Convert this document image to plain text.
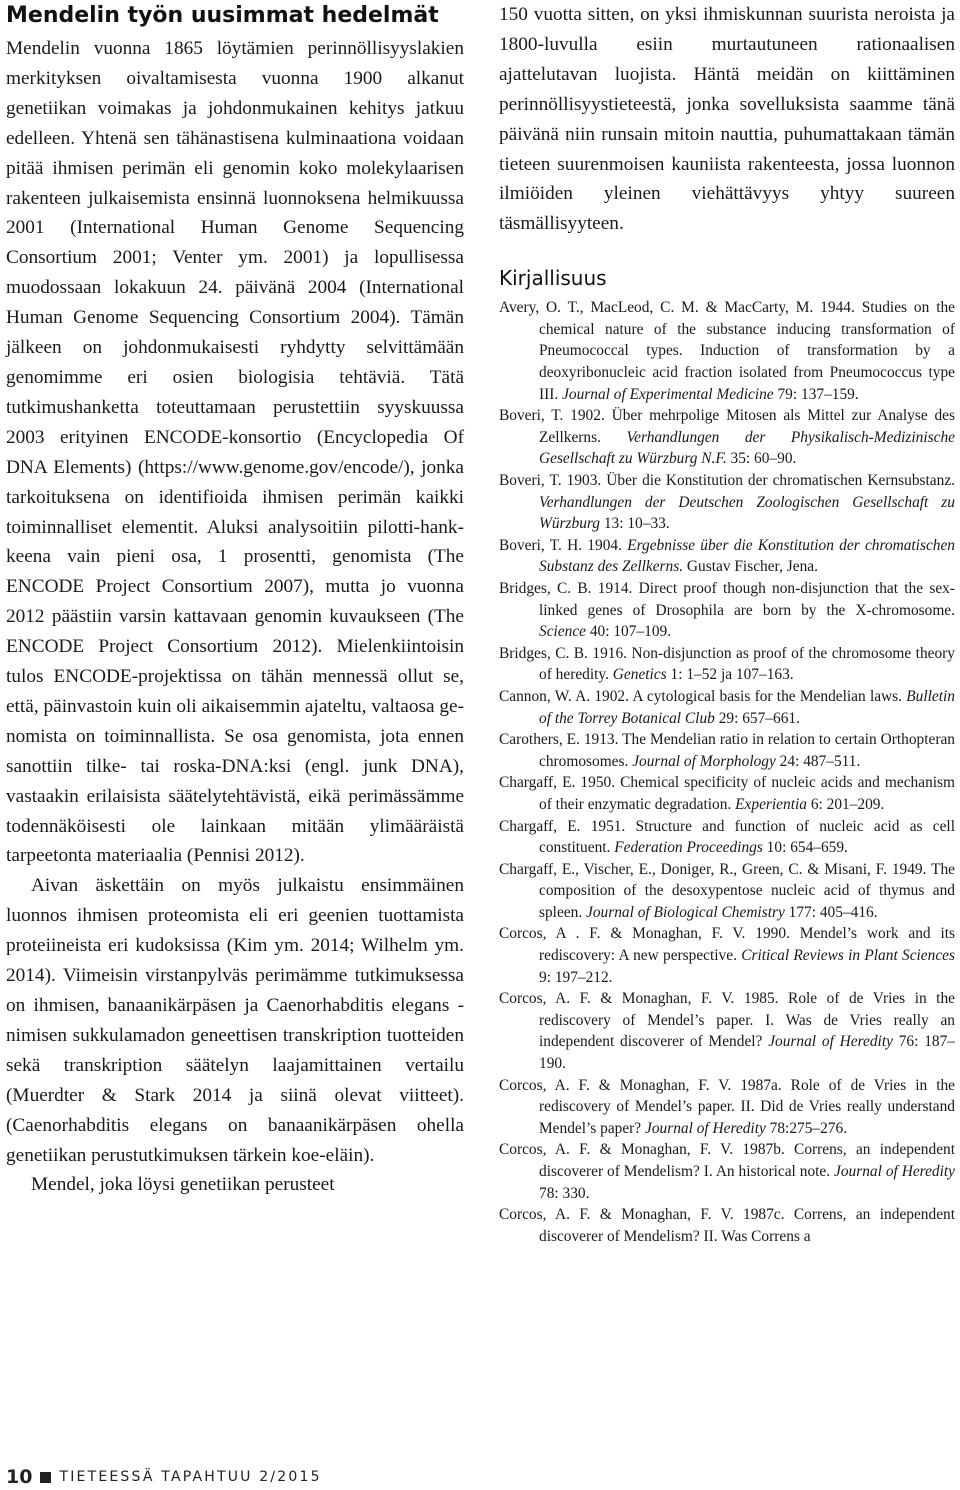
Mendelin työn uusimmat hedelmät

Mendelin vuonna 1865 löytämien perinnöllisyyslakien merkityksen oivaltamisesta vuonna 1900 alkanut genetiikan voimakas ja johdonmukainen kehitys jatkuu edelleen. Yhtenä sen tähänastisena kulminaationa voidaan pitää ihmisen perimän eli genomin koko molekylaarisen rakenteen julkaisemista ensinnä luonnoksena helmikuussa 2001 (International Human Genome Sequencing Consortium 2001; Venter ym. 2001) ja lopullisessa muodossaan lokakuun 24. päivänä 2004 (International Human Genome Sequencing Consortium 2004). Tämän jälkeen on johdonmukaisesti ryhdytty selvittämään genomimme eri osien biologisia tehtäviä. Tätä tutkimushanketta toteuttamaan perustettiin syyskuussa 2003 erityinen ENCODE-konsortio (Encyclopedia Of DNA Elements) (https://www.genome.gov/encode/), jonka tarkoituksena on identifioida ihmisen perimän kaikki toiminnalliset elementit. Aluksi analysoitiin pilotti-hankkeena vain pieni osa, 1 prosentti, genomista (The ENCODE Project Consortium 2007), mutta jo vuonna 2012 päästiin varsin kattavaan genomin kuvaukseen (The ENCODE Project Consortium 2012). Mielenkiintoisin tulos ENCODE-projektissa on tähän mennessä ollut se, että, päinvastoin kuin oli aikaisemmin ajateltu, valtaosa genomista on toiminnallista. Se osa genomista, jota ennen sanottiin tilke- tai roska-DNA:ksi (engl. junk DNA), vastaakin erilaisista säätelytehtävistä, eikä perimässämme todennäköisesti ole lainkaan mitään ylimääräistä tarpeetonta materiaalia (Pennisi 2012).

Aivan äskettäin on myös julkaistu ensimmäinen luonnos ihmisen proteomista eli eri geenien tuottamista proteiineista eri kudoksissa (Kim ym. 2014; Wilhelm ym. 2014). Viimeisin virstanpylväs perimämme tutkimuksessa on ihmisen, banaanikärpäsen ja Caenorhabditis elegans -nimisen sukkulamadon geneettisen transkription tuotteiden sekä transkription säätelyn laajamittainen vertailu (Muerdter & Stark 2014 ja siinä olevat viitteet). (Caenorhabditis elegans on banaanikärpäsen ohella genetiikan perustutkimuksen tärkein koe-eläin).

Mendel, joka löysi genetiikan perusteet

150 vuotta sitten, on yksi ihmiskunnan suurista neroista ja 1800-luvulla esiin murtautuneen rationaalisen ajattelutavan luojista. Häntä meidän on kiittäminen perinnöllisyystieteestä, jonka sovelluksista saamme tänä päivänä niin runsain mitoin nauttia, puhumattakaan tämän tieteen suurenmoisen kauniista rakenteesta, jossa luonnon ilmiöiden yleinen viehättävyys yhtyy suureen täsmällisyyteen.

Kirjallisuus

Avery, O. T., MacLeod, C. M. & MacCarty, M. 1944. Studies on the chemical nature of the substance inducing transformation of Pneumococcal types. Induction of transformation by a deoxyribonucleic acid fraction isolated from Pneumococcus type III. Journal of Experimental Medicine 79: 137–159.

Boveri, T. 1902. Über mehrpolige Mitosen als Mittel zur Analyse des Zellkerns. Verhandlungen der Physikalisch-Medizinische Gesellschaft zu Würzburg N.F. 35: 60–90.

Boveri, T. 1903. Über die Konstitution der chromatischen Kernsubstanz. Verhandlungen der Deutschen Zoologischen Gesellschaft zu Würzburg 13: 10–33.

Boveri, T. H. 1904. Ergebnisse über die Konstitution der chromatischen Substanz des Zellkerns. Gustav Fischer, Jena.

Bridges, C. B. 1914. Direct proof though non-disjunction that the sex-linked genes of Drosophila are born by the X-chromosome. Science 40: 107–109.

Bridges, C. B. 1916. Non-disjunction as proof of the chromosome theory of heredity. Genetics 1: 1–52 ja 107–163.

Cannon, W. A. 1902. A cytological basis for the Mendelian laws. Bulletin of the Torrey Botanical Club 29: 657–661.

Carothers, E. 1913. The Mendelian ratio in relation to certain Orthopteran chromosomes. Journal of Morphology 24: 487–511.

Chargaff, E. 1950. Chemical specificity of nucleic acids and mechanism of their enzymatic degradation. Experientia 6: 201–209.

Chargaff, E. 1951. Structure and function of nucleic acid as cell constituent. Federation Proceedings 10: 654–659.

Chargaff, E., Vischer, E., Doniger, R., Green, C. & Misani, F. 1949. The composition of the desoxypentose nucleic acid of thymus and spleen. Journal of Biological Chemistry 177: 405–416.

Corcos, A . F. & Monaghan, F. V. 1990. Mendel’s work and its rediscovery: A new perspective. Critical Reviews in Plant Sciences 9: 197–212.

Corcos, A. F. & Monaghan, F. V. 1985. Role of de Vries in the rediscovery of Mendel’s paper. I. Was de Vries really an independent discoverer of Mendel? Journal of Heredity 76: 187–190.

Corcos, A. F. & Monaghan, F. V. 1987a. Role of de Vries in the rediscovery of Mendel’s paper. II. Did de Vries really understand Mendel’s paper? Journal of Heredity 78:275–276.

Corcos, A. F. & Monaghan, F. V. 1987b. Correns, an independent discoverer of Mendelism? I. An historical note. Journal of Heredity 78: 330.

Corcos, A. F. & Monaghan, F. V. 1987c. Correns, an independent discoverer of Mendelism? II. Was Correns a

10 TIETEESSÄ TAPAHTUU 2/2015
